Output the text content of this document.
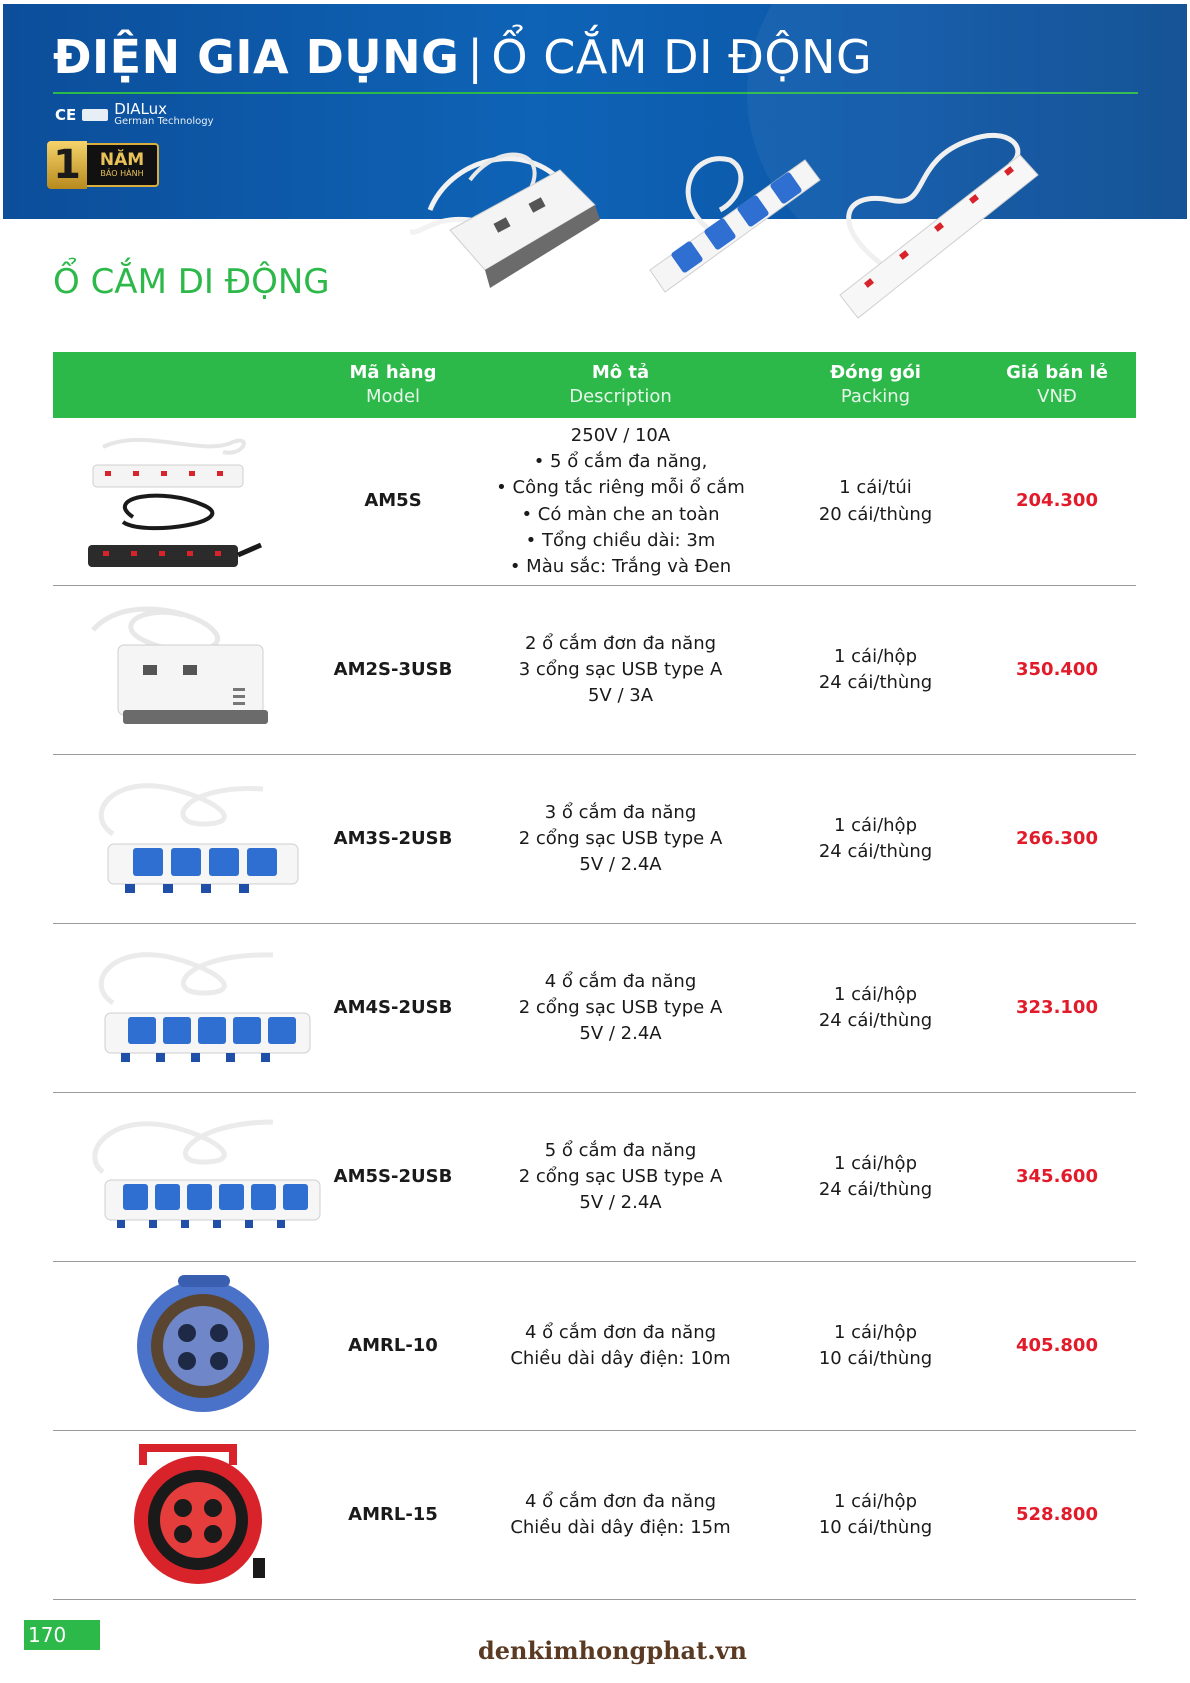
ĐIỆN GIA DỤNG | Ổ CẮM DI ĐỘNG
CE	DIALux
German Technology
1	NĂM
BẢO HÀNH
Ổ CẮM DI ĐỘNG
Mã hàng
Model
Mô tả
Description
Đóng gói
Packing
Giá bán lẻ
VNĐ
AM5S
250V / 10A
• 5 ổ cắm đa năng,
• Công tắc riêng mỗi ổ cắm
• Có màn che an toàn
• Tổng chiều dài: 3m
• Màu sắc: Trắng và Đen
1 cái/túi
20 cái/thùng
204.300
AM2S-3USB
2 ổ cắm đơn đa năng
3 cổng sạc USB type A
5V / 3A
1 cái/hộp
24 cái/thùng
350.400
AM3S-2USB
3 ổ cắm đa năng
2 cổng sạc USB type A
5V / 2.4A
1 cái/hộp
24 cái/thùng
266.300
AM4S-2USB
4 ổ cắm đa năng
2 cổng sạc USB type A
5V / 2.4A
1 cái/hộp
24 cái/thùng
323.100
AM5S-2USB
5 ổ cắm đa năng
2 cổng sạc USB type A
5V / 2.4A
1 cái/hộp
24 cái/thùng
345.600
AMRL-10
4 ổ cắm đơn đa năng
Chiều dài dây điện: 10m
1 cái/hộp
10 cái/thùng
405.800
AMRL-15
4 ổ cắm đơn đa năng
Chiều dài dây điện: 15m
1 cái/hộp
10 cái/thùng
528.800
170
denkimhongphat.vn
